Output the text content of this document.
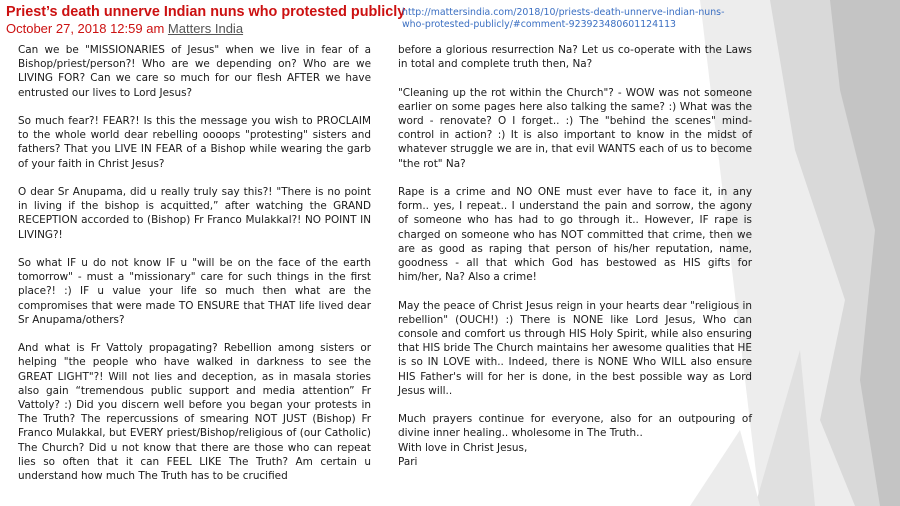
Priest’s death unnerve Indian nuns who protested publicly
October 27, 2018 12:59 am Matters India
http://mattersindia.com/2018/10/priests-death-unnerve-indian-nuns-
who-protested-publicly/#comment-923923480601124113

Can we be "MISSIONARIES of Jesus" when we live in fear of a Bishop/priest/person?! Who are we depending on? Who are we LIVING FOR? Can we care so much for our flesh AFTER we have entrusted our lives to Lord Jesus?

So much fear?! FEAR?! Is this the message you wish to PROCLAIM to the whole world dear rebelling oooops "protesting" sisters and fathers? That you LIVE IN FEAR of a Bishop while wearing the garb of your faith in Christ Jesus?

O dear Sr Anupama, did u really truly say this?! "There is no point in living if the bishop is acquitted,” after watching the GRAND RECEPTION accorded to (Bishop) Fr Franco Mulakkal?! NO POINT IN LIVING?!

So what IF u do not know IF u "will be on the face of the earth tomorrow" - must a "missionary" care for such things in the first place?! :) IF u value your life so much then what are the compromises that were made TO ENSURE that THAT life lived dear Sr Anupama/others?

And what is Fr Vattoly propagating? Rebellion among sisters or helping "the people who have walked in darkness to see the GREAT LIGHT"?! Will not lies and deception, as in masala stories also gain “tremendous public support and media attention” Fr Vattoly? :) Did you discern well before you began your protests in The Truth? The repercussions of smearing NOT JUST (Bishop) Fr Franco Mulakkal, but EVERY priest/Bishop/religious of (our Catholic) The Church? Did u not know that there are those who can repeat lies so often that it can FEEL LIKE The Truth? Am certain u understand how much The Truth has to be crucified

before a glorious resurrection Na? Let us co-operate with the Laws in total and complete truth then, Na?

"Cleaning up the rot within the Church"? - WOW was not someone earlier on some pages here also talking the same? :) What was the word - renovate? O I forget.. :) The "behind the scenes" mind-control in action? :) It is also important to know in the midst of whatever struggle we are in, that evil WANTS each of us to become "the rot" Na?

Rape is a crime and NO ONE must ever have to face it, in any form.. yes, I repeat.. I understand the pain and sorrow, the agony of someone who has had to go through it.. However, IF rape is charged on someone who has NOT committed that crime, then we are as good as raping that person of his/her reputation, name, goodness - all that which God has bestowed as HIS gifts for him/her, Na? Also a crime!

May the peace of Christ Jesus reign in your hearts dear "religious in rebellion" (OUCH!) :) There is NONE like Lord Jesus, Who can console and comfort us through HIS Holy Spirit, while also ensuring that HIS bride The Church maintains her awesome qualities that HE is so IN LOVE with.. Indeed, there is NONE Who WILL also ensure HIS Father's will for her is done, in the best possible way as Lord Jesus will..

Much prayers continue for everyone, also for an outpouring of divine inner healing.. wholesome in The Truth..
With love in Christ Jesus,
Pari
